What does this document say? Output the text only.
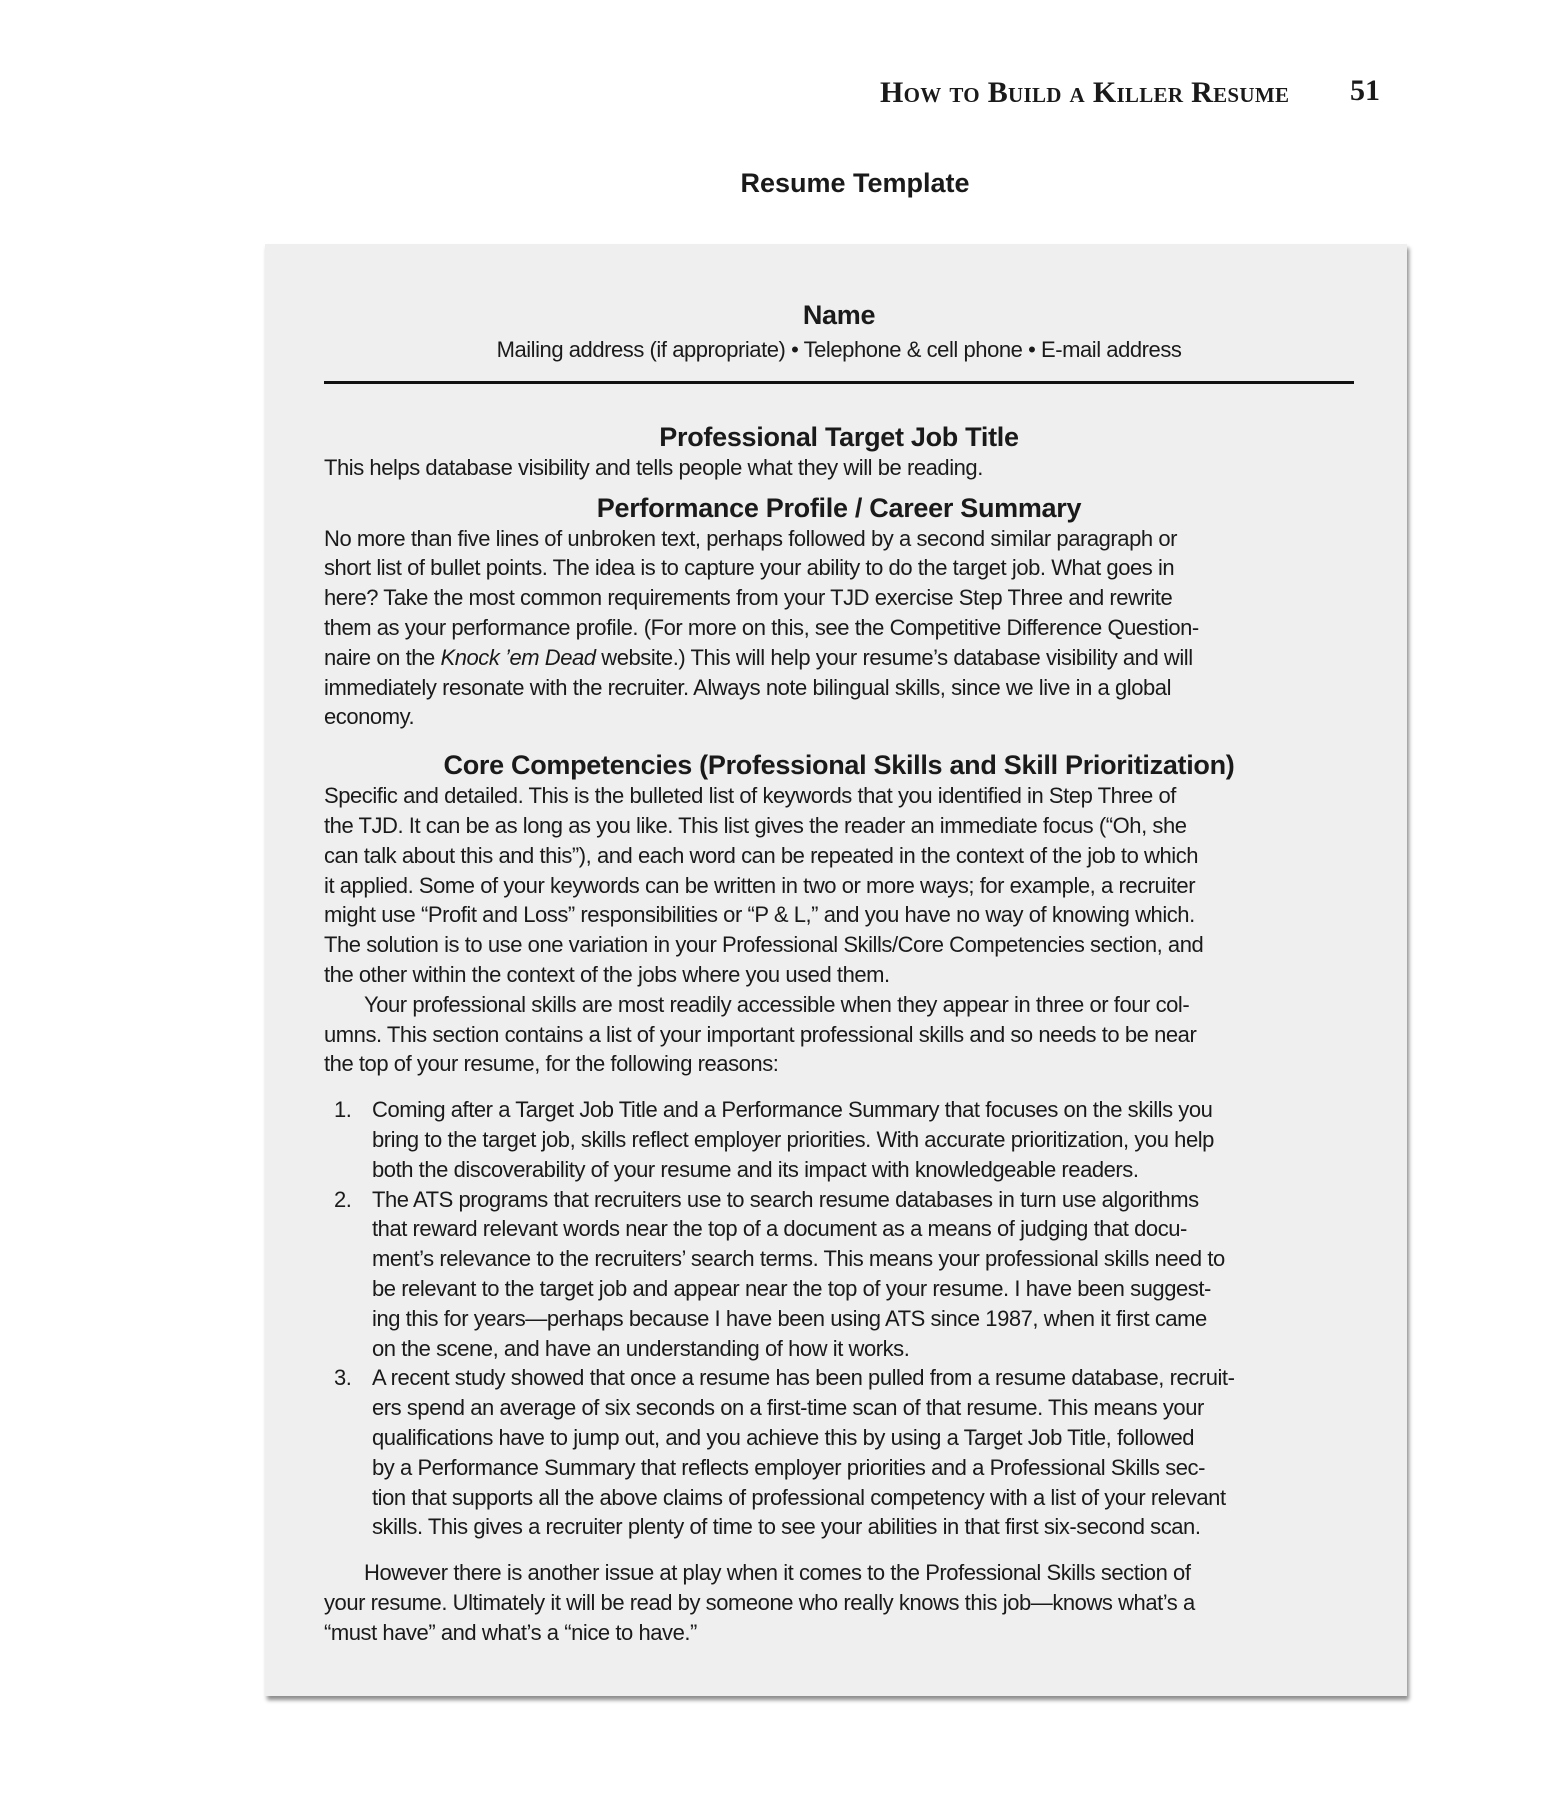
How to Build a Killer Resume 51
Resume Template
Name
Mailing address (if appropriate) • Telephone & cell phone • E-mail address
Professional Target Job Title
This helps database visibility and tells people what they will be reading.
Performance Profile / Career Summary
No more than five lines of unbroken text, perhaps followed by a second similar paragraph or
short list of bullet points. The idea is to capture your ability to do the target job. What goes in
here? Take the most common requirements from your TJD exercise Step Three and rewrite
them as your performance profile. (For more on this, see the Competitive Difference Question-
naire on the Knock ’em Dead website.) This will help your resume’s database visibility and will
immediately resonate with the recruiter. Always note bilingual skills, since we live in a global
economy.
Core Competencies (Professional Skills and Skill Prioritization)
Specific and detailed. This is the bulleted list of keywords that you identified in Step Three of
the TJD. It can be as long as you like. This list gives the reader an immediate focus (“Oh, she
can talk about this and this”), and each word can be repeated in the context of the job to which
it applied. Some of your keywords can be written in two or more ways; for example, a recruiter
might use “Profit and Loss” responsibilities or “P & L,” and you have no way of knowing which.
The solution is to use one variation in your Professional Skills/Core Competencies section, and
the other within the context of the jobs where you used them.
Your professional skills are most readily accessible when they appear in three or four col-
umns. This section contains a list of your important professional skills and so needs to be near
the top of your resume, for the following reasons:
1. Coming after a Target Job Title and a Performance Summary that focuses on the skills you
bring to the target job, skills reflect employer priorities. With accurate prioritization, you help
both the discoverability of your resume and its impact with knowledgeable readers.
2. The ATS programs that recruiters use to search resume databases in turn use algorithms
that reward relevant words near the top of a document as a means of judging that docu-
ment’s relevance to the recruiters’ search terms. This means your professional skills need to
be relevant to the target job and appear near the top of your resume. I have been suggest-
ing this for years—perhaps because I have been using ATS since 1987, when it first came
on the scene, and have an understanding of how it works.
3. A recent study showed that once a resume has been pulled from a resume database, recruit-
ers spend an average of six seconds on a first-time scan of that resume. This means your
qualifications have to jump out, and you achieve this by using a Target Job Title, followed
by a Performance Summary that reflects employer priorities and a Professional Skills sec-
tion that supports all the above claims of professional competency with a list of your relevant
skills. This gives a recruiter plenty of time to see your abilities in that first six-second scan.
However there is another issue at play when it comes to the Professional Skills section of
your resume. Ultimately it will be read by someone who really knows this job—knows what’s a
“must have” and what’s a “nice to have.”
